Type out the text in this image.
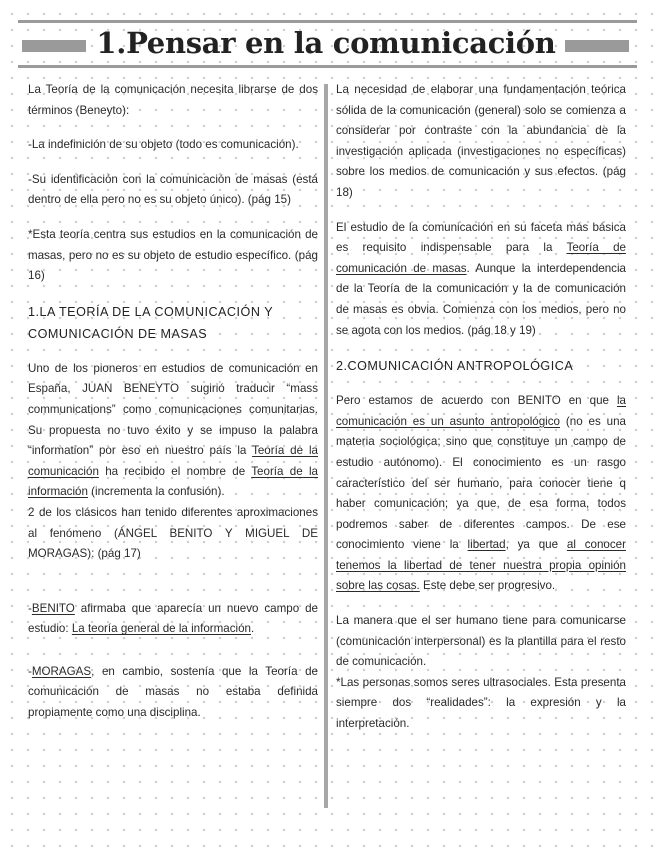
1.Pensar en la comunicación

La Teoría de la comunicación necesita librarse de dos términos (Beneyto):

-La indefinición de su objeto (todo es comunicación).

-Su identificación con la comunicación de masas (está dentro de ella pero no es su objeto único). (pág 15)

*Esta teoría centra sus estudios en la comunicación de masas, pero no es su objeto de estudio específico. (pág 16)

1.LA TEORÍA DE LA COMUNICACIÓN Y COMUNICACIÓN DE MASAS

Uno de los pioneros en estudios de comunicación en España, JUAN BENEYTO sugirió traducir “mass communications” como comunicaciones comunitarias. Su propuesta no tuvo éxito y se impuso la palabra “information” por eso en nuestro país la Teoría de la comunicación ha recibido el nombre de Teoría de la información (incrementa la confusión).

2 de los clásicos han tenido diferentes aproximaciones al fenómeno (ÁNGEL BENITO Y MIGUEL DE MORAGAS): (pág 17)

-BENITO afirmaba que aparecía un nuevo campo de estudio: La teoría general de la información.

-MORAGAS, en cambio, sostenía que la Teoría de comunicación de masas no estaba definida propiamente como una disciplina.

La necesidad de elaborar una fundamentación teórica sólida de la comunicación (general) solo se comienza a considerar por contraste con la abundancia de la investigación aplicada (investigaciones no específicas) sobre los medios de comunicación y sus efectos. (pág 18)

El estudio de la comunicación en su faceta más básica es requisito indispensable para la Teoría de comunicación de masas. Aunque la interdependencia de la Teoría de la comunicación y la de comunicación de masas es obvia. Comienza con los medios, pero no se agota con los medios. (pág 18 y 19)

2.COMUNICACIÓN ANTROPOLÓGICA

Pero estamos de acuerdo con BENITO en que la comunicación es un asunto antropológico (no es una materia sociológica; sino que constituye un campo de estudio autónomo). El conocimiento es un rasgo característico del ser humano, para conocer tiene q haber comunicación; ya que, de esa forma, todos podremos saber de diferentes campos. De ese conocimiento viene la libertad, ya que al conocer tenemos la libertad de tener nuestra propia opinión sobre las cosas. Este debe ser progresivo.

La manera que el ser humano tiene para comunicarse (comunicación interpersonal) es la plantilla para el resto de comunicación.

*Las personas somos seres ultrasociales. Esta presenta siempre dos “realidades”: la expresión y la interpretación.
